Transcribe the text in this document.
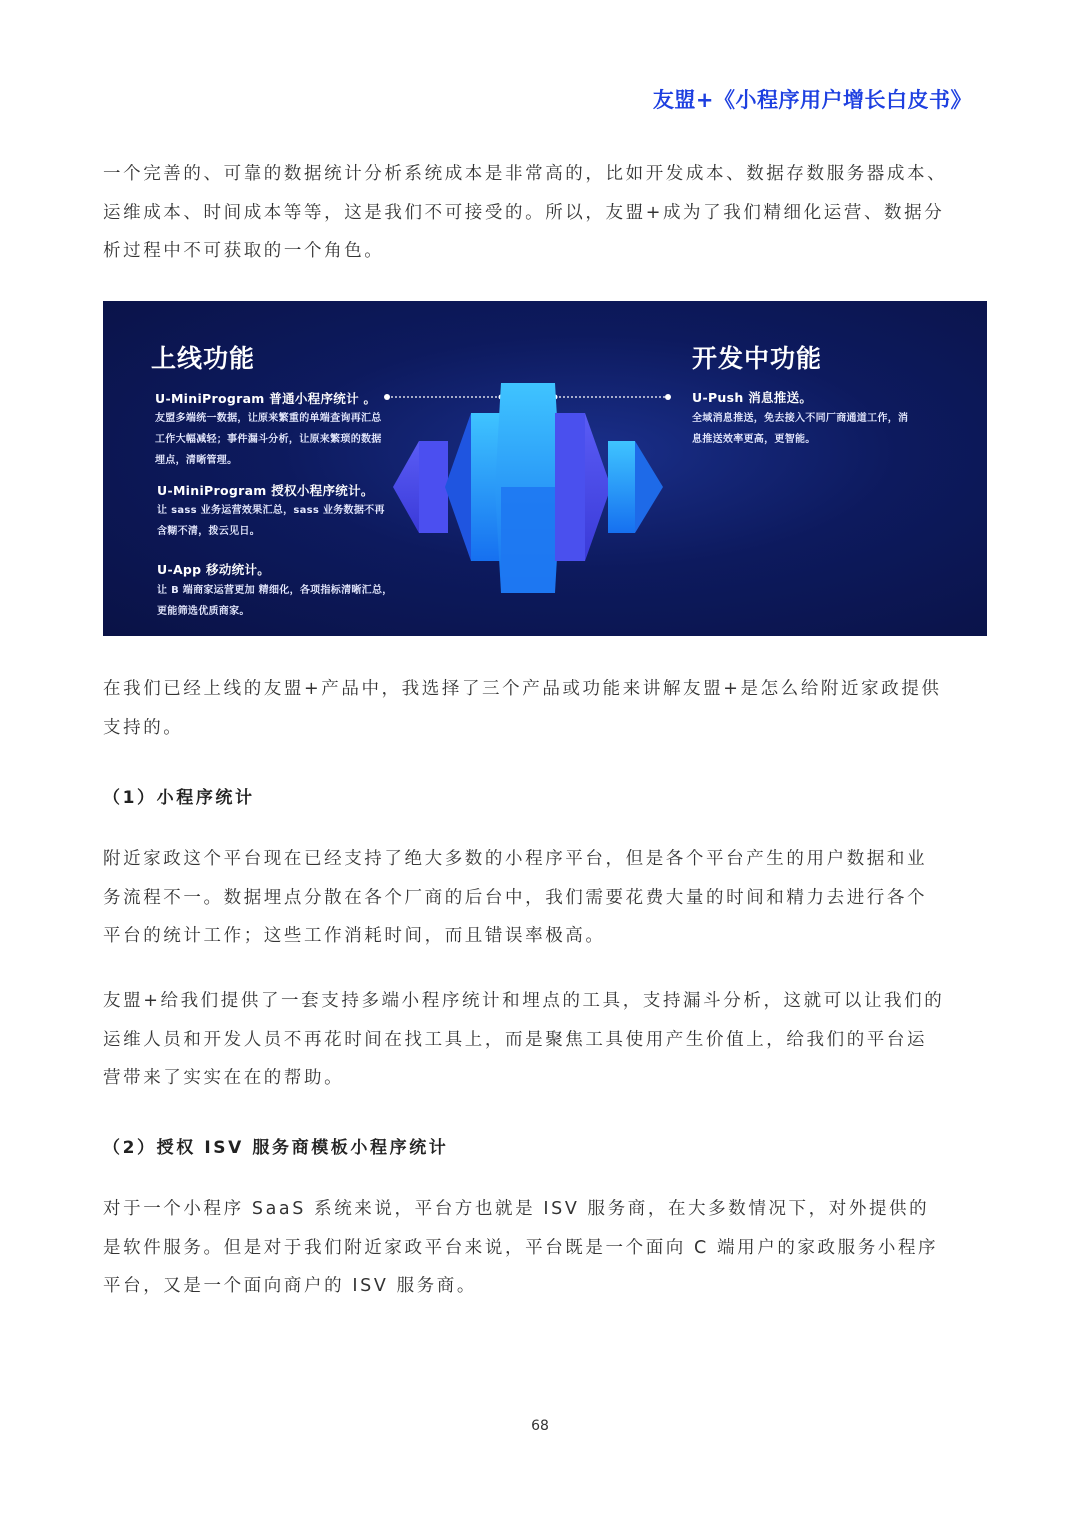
友盟+《小程序用户增长白皮书》

一个完善的、可靠的数据统计分析系统成本是非常高的，比如开发成本、数据存数服务器成本、
运维成本、时间成本等等，这是我们不可接受的。所以，友盟+成为了我们精细化运营、数据分
析过程中不可获取的一个角色。

上线功能
U-MiniProgram 普通小程序统计 。
友盟多端统一数据，让原来繁重的单端查询再汇总
工作大幅减轻；事件漏斗分析，让原来繁琐的数据
埋点，清晰管理。
U-MiniProgram 授权小程序统计。
让 sass 业务运营效果汇总，sass 业务数据不再
含糊不清，拨云见日。
U-App 移动统计。
让 B 端商家运营更加 精细化，各项指标清晰汇总，
更能筛选优质商家。
开发中功能
U-Push 消息推送。
全域消息推送，免去接入不同厂商通道工作，消
息推送效率更高，更智能。

在我们已经上线的友盟+产品中，我选择了三个产品或功能来讲解友盟+是怎么给附近家政提供
支持的。

（1）小程序统计

附近家政这个平台现在已经支持了绝大多数的小程序平台，但是各个平台产生的用户数据和业
务流程不一。数据埋点分散在各个厂商的后台中，我们需要花费大量的时间和精力去进行各个
平台的统计工作；这些工作消耗时间，而且错误率极高。

友盟+给我们提供了一套支持多端小程序统计和埋点的工具，支持漏斗分析，这就可以让我们的
运维人员和开发人员不再花时间在找工具上，而是聚焦工具使用产生价值上，给我们的平台运
营带来了实实在在的帮助。

（2）授权 ISV 服务商模板小程序统计

对于一个小程序 SaaS 系统来说，平台方也就是 ISV 服务商，在大多数情况下，对外提供的
是软件服务。但是对于我们附近家政平台来说，平台既是一个面向 C 端用户的家政服务小程序
平台，又是一个面向商户的 ISV 服务商。

68
